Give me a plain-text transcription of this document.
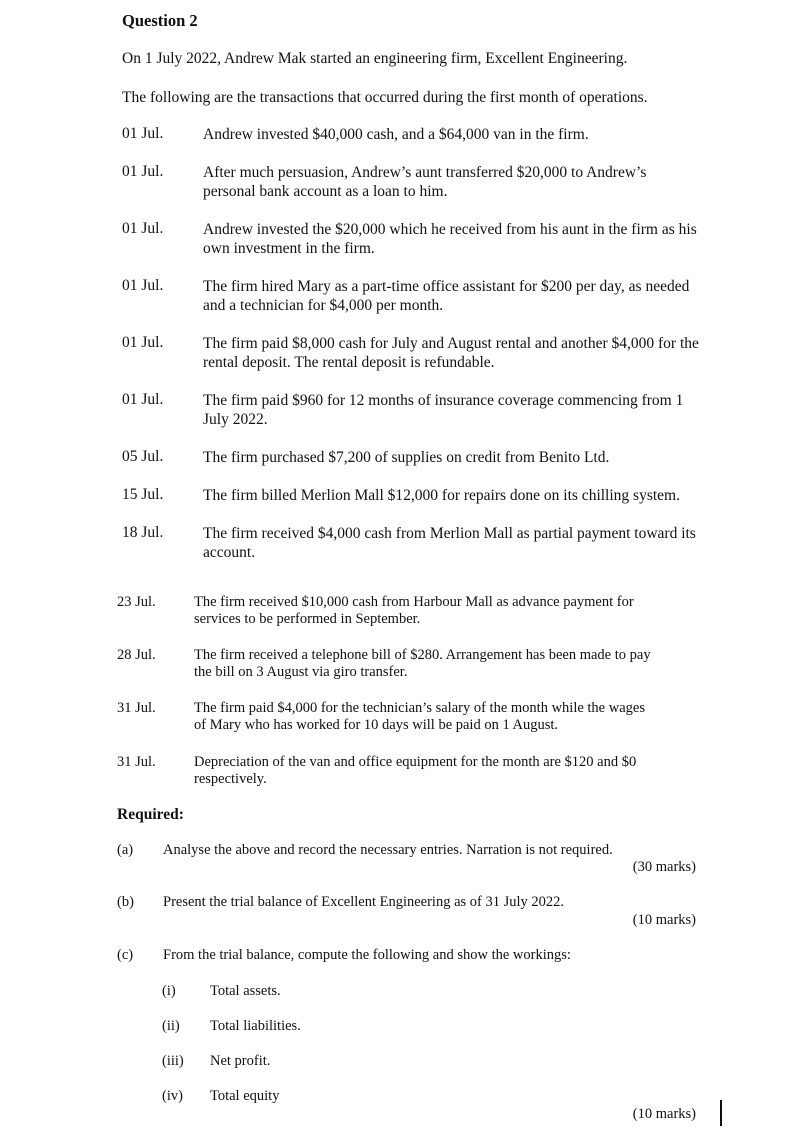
Question 2
On 1 July 2022, Andrew Mak started an engineering firm, Excellent Engineering.
The following are the transactions that occurred during the first month of operations.
01 Jul.	Andrew invested $40,000 cash, and a $64,000 van in the firm.
01 Jul.	After much persuasion, Andrew’s aunt transferred $20,000 to Andrew’s
personal bank account as a loan to him.
01 Jul.	Andrew invested the $20,000 which he received from his aunt in the firm as his
own investment in the firm.
01 Jul.	The firm hired Mary as a part-time office assistant for $200 per day, as needed
and a technician for $4,000 per month.
01 Jul.	The firm paid $8,000 cash for July and August rental and another $4,000 for the
rental deposit. The rental deposit is refundable.
01 Jul.	The firm paid $960 for 12 months of insurance coverage commencing from 1
July 2022.
05 Jul.	The firm purchased $7,200 of supplies on credit from Benito Ltd.
15 Jul.	The firm billed Merlion Mall $12,000 for repairs done on its chilling system.
18 Jul.	The firm received $4,000 cash from Merlion Mall as partial payment toward its
account.
23 Jul.	The firm received $10,000 cash from Harbour Mall as advance payment for
services to be performed in September.
28 Jul.	The firm received a telephone bill of $280. Arrangement has been made to pay
the bill on 3 August via giro transfer.
31 Jul.	The firm paid $4,000 for the technician’s salary of the month while the wages
of Mary who has worked for 10 days will be paid on 1 August.
31 Jul.	Depreciation of the van and office equipment for the month are $120 and $0
respectively.
Required:
(a) Analyse the above and record the necessary entries. Narration is not required.
(30 marks)
(b) Present the trial balance of Excellent Engineering as of 31 July 2022.
(10 marks)
(c) From the trial balance, compute the following and show the workings:
(i) Total assets.
(ii) Total liabilities.
(iii) Net profit.
(iv) Total equity
(10 marks)
